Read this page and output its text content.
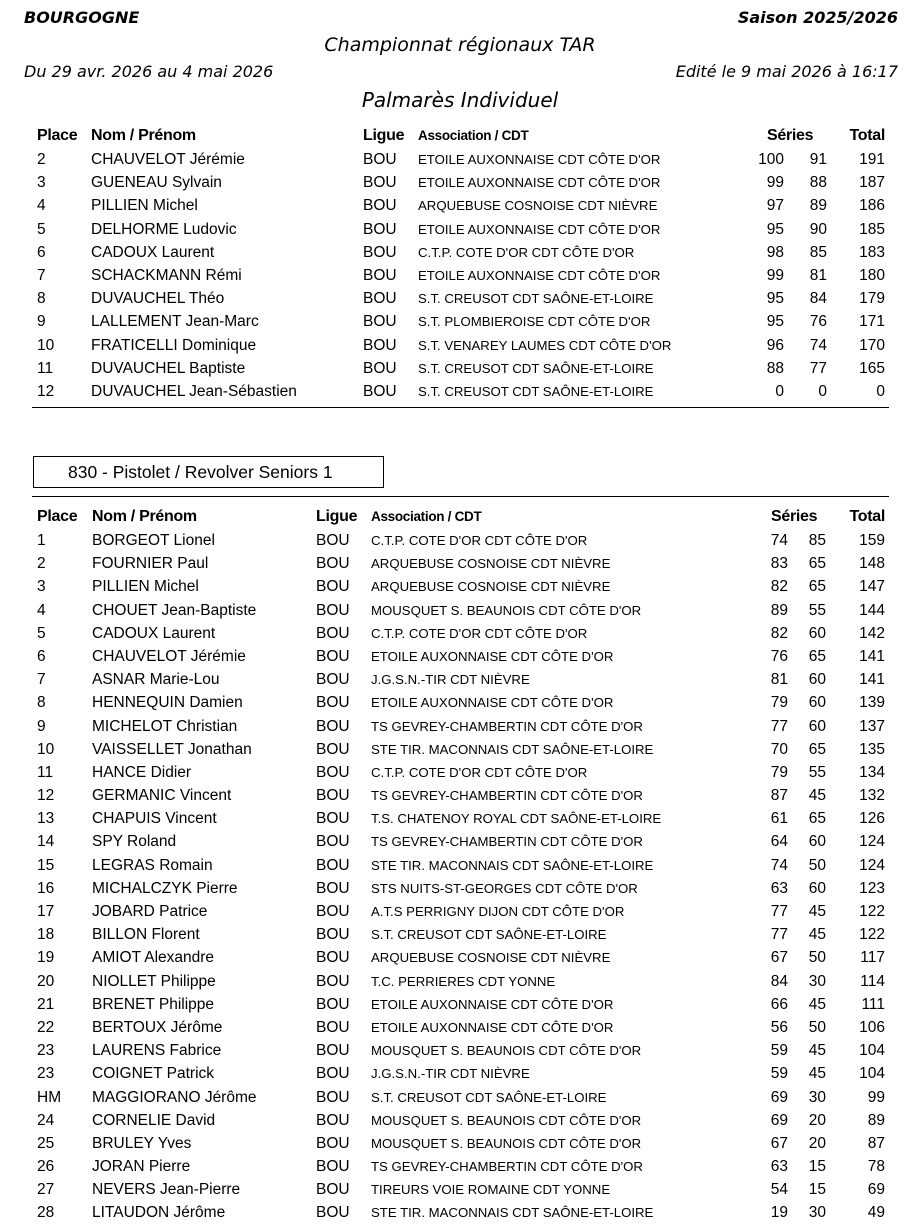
BOURGOGNE	Saison 2025/2026
Championnat régionaux TAR
Du 29 avr. 2026 au 4 mai 2026	Edité le 9 mai 2026 à 16:17
Palmarès Individuel
Place Nom / Prénom	Ligue Association / CDT	Séries Total
2	CHAUVELOT Jérémie	BOU ETOILE AUXONNAISE CDT CÔTE D'OR	100 91 191
3	GUENEAU Sylvain	BOU ETOILE AUXONNAISE CDT CÔTE D'OR	99 88 187
4	PILLIEN Michel	BOU ARQUEBUSE COSNOISE CDT NIÈVRE	97 89 186
5	DELHORME Ludovic	BOU ETOILE AUXONNAISE CDT CÔTE D'OR	95 90 185
6	CADOUX Laurent	BOU C.T.P. COTE D'OR CDT CÔTE D'OR	98 85 183
7	SCHACKMANN Rémi	BOU ETOILE AUXONNAISE CDT CÔTE D'OR	99 81 180
8	DUVAUCHEL Théo	BOU S.T. CREUSOT CDT SAÔNE-ET-LOIRE	95 84 179
9	LALLEMENT Jean-Marc	BOU S.T. PLOMBIEROISE CDT CÔTE D'OR	95 76 171
10 FRATICELLI Dominique	BOU S.T. VENAREY LAUMES CDT CÔTE D'OR	96 74 170
11 DUVAUCHEL Baptiste	BOU S.T. CREUSOT CDT SAÔNE-ET-LOIRE	88 77 165
12 DUVAUCHEL Jean-Sébastien	BOU S.T. CREUSOT CDT SAÔNE-ET-LOIRE	0 0	0
830 - Pistolet / Revolver Seniors 1
Place Nom / Prénom	Ligue Association / CDT	Séries Total
1	BORGEOT Lionel	BOU C.T.P. COTE D'OR CDT CÔTE D'OR	74 85 159
2	FOURNIER Paul	BOU ARQUEBUSE COSNOISE CDT NIÈVRE	83 65 148
3	PILLIEN Michel	BOU ARQUEBUSE COSNOISE CDT NIÈVRE	82 65 147
4	CHOUET Jean-Baptiste	BOU MOUSQUET S. BEAUNOIS CDT CÔTE D'OR	89 55 144
5	CADOUX Laurent	BOU C.T.P. COTE D'OR CDT CÔTE D'OR	82 60 142
6	CHAUVELOT Jérémie	BOU ETOILE AUXONNAISE CDT CÔTE D'OR	76 65 141
7	ASNAR Marie-Lou	BOU J.G.S.N.-TIR CDT NIÈVRE	81 60 141
8	HENNEQUIN Damien	BOU ETOILE AUXONNAISE CDT CÔTE D'OR	79 60 139
9	MICHELOT Christian	BOU TS GEVREY-CHAMBERTIN CDT CÔTE D'OR	77 60 137
10 VAISSELLET Jonathan	BOU STE TIR. MACONNAIS CDT SAÔNE-ET-LOIRE	70 65 135
11	HANCE Didier	BOU C.T.P. COTE D'OR CDT CÔTE D'OR	79 55 134
12 GERMANIC Vincent	BOU TS GEVREY-CHAMBERTIN CDT CÔTE D'OR	87 45 132
13 CHAPUIS Vincent	BOU T.S. CHATENOY ROYAL CDT SAÔNE-ET-LOIRE	61 65 126
14 SPY Roland	BOU TS GEVREY-CHAMBERTIN CDT CÔTE D'OR	64 60 124
15 LEGRAS Romain	BOU STE TIR. MACONNAIS CDT SAÔNE-ET-LOIRE	74 50 124
16 MICHALCZYK Pierre	BOU STS NUITS-ST-GEORGES CDT CÔTE D'OR	63 60 123
17 JOBARD Patrice	BOU A.T.S PERRIGNY DIJON CDT CÔTE D'OR	77 45 122
18 BILLON Florent	BOU S.T. CREUSOT CDT SAÔNE-ET-LOIRE	77 45 122
19 AMIOT Alexandre	BOU ARQUEBUSE COSNOISE CDT NIÈVRE	67 50 117
20 NIOLLET Philippe	BOU T.C. PERRIERES CDT YONNE	84 30 114
21 BRENET Philippe	BOU ETOILE AUXONNAISE CDT CÔTE D'OR	66 45 111
22 BERTOUX Jérôme	BOU ETOILE AUXONNAISE CDT CÔTE D'OR	56 50 106
23 LAURENS Fabrice	BOU MOUSQUET S. BEAUNOIS CDT CÔTE D'OR	59 45 104
23 COIGNET Patrick	BOU J.G.S.N.-TIR CDT NIÈVRE	59 45 104
HM MAGGIORANO Jérôme	BOU S.T. CREUSOT CDT SAÔNE-ET-LOIRE	69 30	99
24 CORNELIE David	BOU MOUSQUET S. BEAUNOIS CDT CÔTE D'OR	69 20	89
25 BRULEY Yves	BOU MOUSQUET S. BEAUNOIS CDT CÔTE D'OR	67 20	87
26 JORAN Pierre	BOU TS GEVREY-CHAMBERTIN CDT CÔTE D'OR	63 15	78
27 NEVERS Jean-Pierre	BOU TIREURS VOIE ROMAINE CDT YONNE	54 15	69
28 LITAUDON Jérôme	BOU STE TIR. MACONNAIS CDT SAÔNE-ET-LOIRE	19 30	49
